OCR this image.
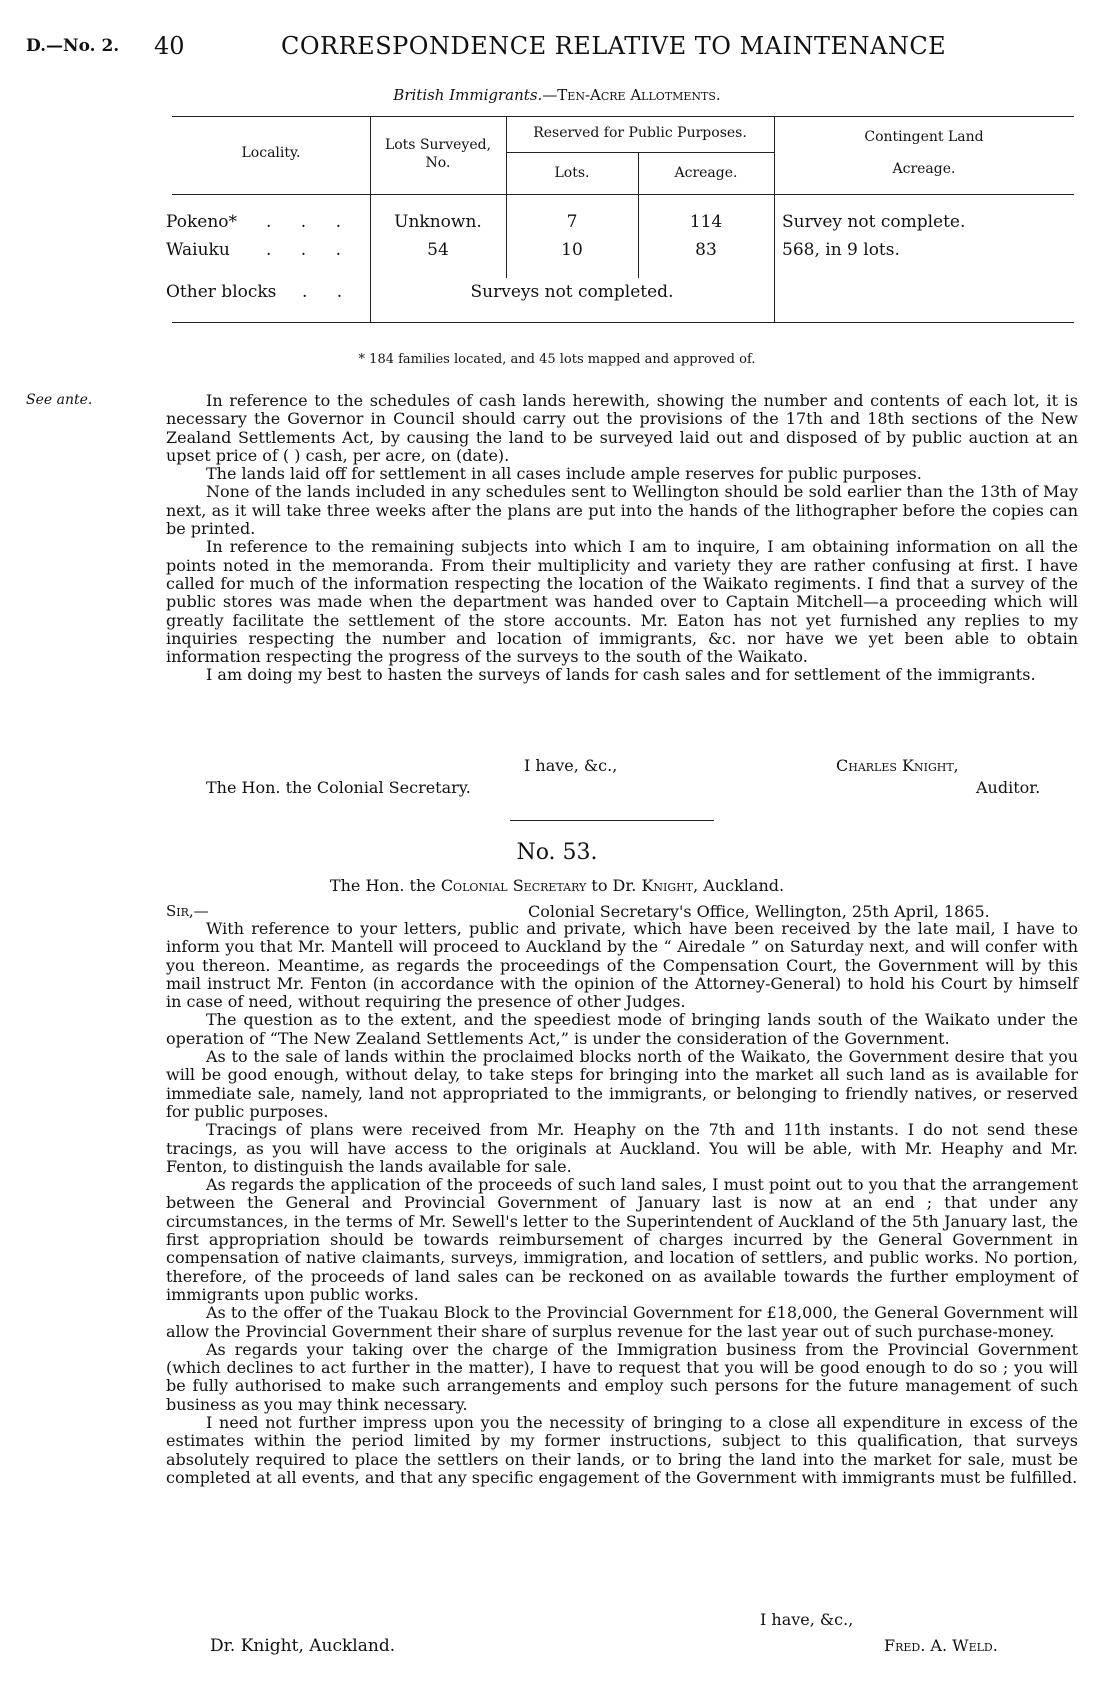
D.—No. 2. 40	CORRESPONDENCE RELATIVE TO MAINTENANCE
British Immigrants.—Ten-Acre Allotments.
Locality.	Lots Surveyed,
No.
Reserved for Public Purposes.
Lots.	Acreage.
Contingent Land
Acreage.
Pokeno* . . .	Unknown.	7	114	Survey not complete.
Waiuku . . .	54	10	83	568, in 9 lots.
Other blocks . .	Surveys not completed.
* 184 families located, and 45 lots mapped and approved of.
See ante.	In reference to the schedules of cash lands herewith, showing the number and contents of each lot, it is necessary the Governor in Council should carry out the provisions of the 17th and 18th sections of the New Zealand Settlements Act, by causing the land to be surveyed laid out and disposed of by public auction at an upset price of ( ) cash, per acre, on (date).

The lands laid off for settlement in all cases include ample reserves for public purposes.

None of the lands included in any schedules sent to Wellington should be sold earlier than the 13th of May next, as it will take three weeks after the plans are put into the hands of the lithographer before the copies can be printed.

In reference to the remaining subjects into which I am to inquire, I am obtaining information on all the points noted in the memoranda. From their multiplicity and variety they are rather confusing at first. I have called for much of the information respecting the location of the Waikato regiments. I find that a survey of the public stores was made when the department was handed over to Captain Mitchell—a proceeding which will greatly facilitate the settlement of the store accounts. Mr. Eaton has not yet furnished any replies to my inquiries respecting the number and location of immigrants, &c. nor have we yet been able to obtain information respecting the progress of the surveys to the south of the Waikato.

I am doing my best to hasten the surveys of lands for cash sales and for settlement of the immigrants.

I have, &c.,	Charles Knight,
The Hon. the Colonial Secretary.	Auditor.
No. 53.
The Hon. the Colonial Secretary to Dr. Knight, Auckland.
Sir,—	Colonial Secretary's Office, Wellington, 25th April, 1865.

With reference to your letters, public and private, which have been received by the late mail, I have to inform you that Mr. Mantell will proceed to Auckland by the “ Airedale ” on Saturday next, and will confer with you thereon. Meantime, as regards the proceedings of the Compensation Court, the Government will by this mail instruct Mr. Fenton (in accordance with the opinion of the Attorney-General) to hold his Court by himself in case of need, without requiring the presence of other Judges.

The question as to the extent, and the speediest mode of bringing lands south of the Waikato under the operation of “The New Zealand Settlements Act,” is under the consideration of the Government.

As to the sale of lands within the proclaimed blocks north of the Waikato, the Government desire that you will be good enough, without delay, to take steps for bringing into the market all such land as is available for immediate sale, namely, land not appropriated to the immigrants, or belonging to friendly natives, or reserved for public purposes.

Tracings of plans were received from Mr. Heaphy on the 7th and 11th instants. I do not send these tracings, as you will have access to the originals at Auckland. You will be able, with Mr. Heaphy and Mr. Fenton, to distinguish the lands available for sale.

As regards the application of the proceeds of such land sales, I must point out to you that the arrangement between the General and Provincial Government of January last is now at an end ; that under any circumstances, in the terms of Mr. Sewell's letter to the Superintendent of Auckland of the 5th January last, the first appropriation should be towards reimbursement of charges incurred by the General Government in compensation of native claimants, surveys, immigration, and location of settlers, and public works. No portion, therefore, of the proceeds of land sales can be reckoned on as available towards the further employment of immigrants upon public works.

As to the offer of the Tuakau Block to the Provincial Government for £18,000, the General Government will allow the Provincial Government their share of surplus revenue for the last year out of such purchase-money.

As regards your taking over the charge of the Immigration business from the Provincial Government (which declines to act further in the matter), I have to request that you will be good enough to do so ; you will be fully authorised to make such arrangements and employ such persons for the future management of such business as you may think necessary.

I need not further impress upon you the necessity of bringing to a close all expenditure in excess of the estimates within the period limited by my former instructions, subject to this qualification, that surveys absolutely required to place the settlers on their lands, or to bring the land into the market for sale, must be completed at all events, and that any specific engagement of the Government with immigrants must be fulfilled.

I have, &c.,
Dr. Knight, Auckland.	Fred. A. Weld.
